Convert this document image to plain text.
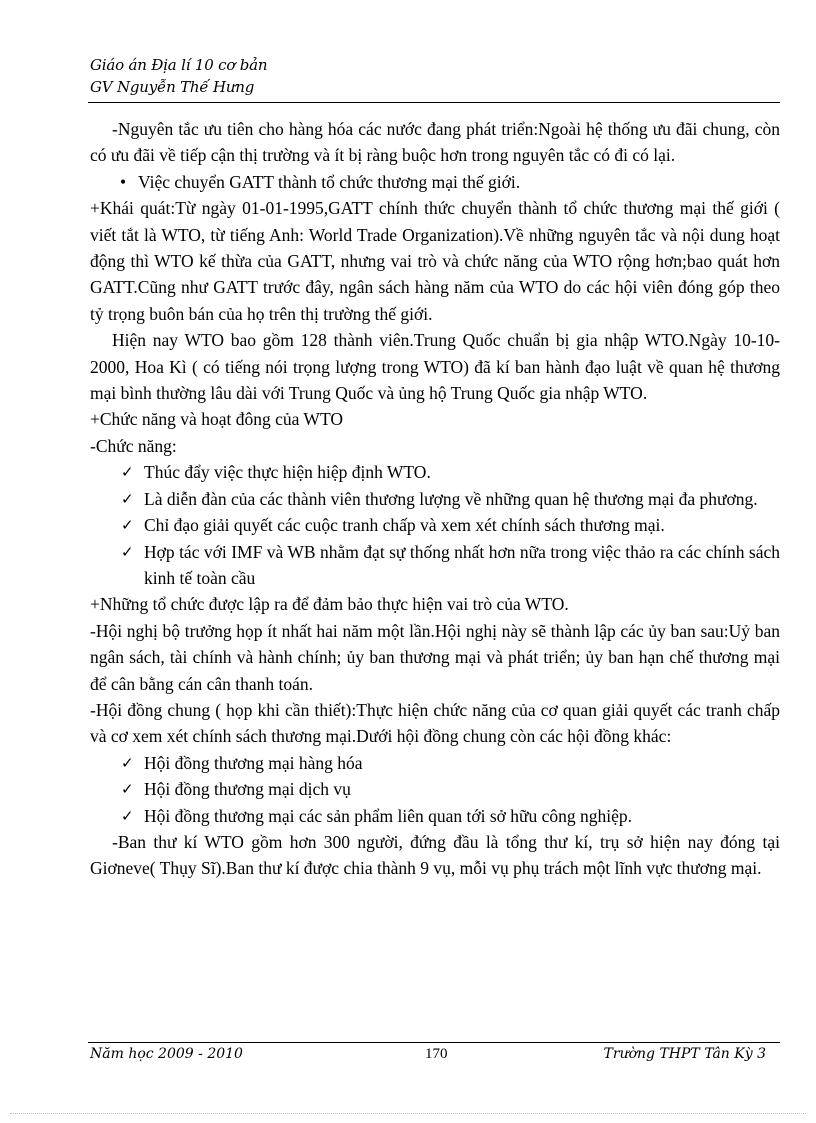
Giáo án Địa lí 10 cơ bản
GV Nguyễn Thế Hưng

-Nguyên tắc ưu tiên cho hàng hóa các nước đang phát triển:Ngoài hệ thống ưu đãi chung, còn có ưu đãi về tiếp cận thị trường và ít bị ràng buộc hơn trong nguyên tắc có đi có lại.

• Việc chuyển GATT thành tổ chức thương mại thế giới.

+Khái quát:Từ ngày 01-01-1995,GATT chính thức chuyển thành tổ chức thương mại thế giới ( viết tắt là WTO, từ tiếng Anh: World Trade Organization).Về những nguyên tắc và nội dung hoạt động thì WTO kế thừa của GATT, nhưng vai trò và chức năng của WTO rộng hơn;bao quát hơn GATT.Cũng như GATT trước đây, ngân sách hàng năm của WTO do các hội viên đóng góp theo tỷ trọng buôn bán của họ trên thị trường thế giới.

Hiện nay WTO bao gồm 128 thành viên.Trung Quốc chuẩn bị gia nhập WTO.Ngày 10-10-2000, Hoa Kì ( có tiếng nói trọng lượng trong WTO) đã kí ban hành đạo luật về quan hệ thương mại bình thường lâu dài với Trung Quốc và ủng hộ Trung Quốc gia nhập WTO.

+Chức năng và hoạt đông của WTO

-Chức năng:

✓ Thúc đẩy việc thực hiện hiệp định WTO.

✓ Là diễn đàn của các thành viên thương lượng về những quan hệ thương mại đa phương.

✓ Chỉ đạo giải quyết các cuộc tranh chấp và xem xét chính sách thương mại.

✓ Hợp tác với IMF và WB nhằm đạt sự thống nhất hơn nữa trong việc thảo ra các chính sách kinh tế toàn cầu

+Những tổ chức được lập ra để đảm bảo thực hiện vai trò của WTO.

-Hội nghị bộ trưởng họp ít nhất hai năm một lần.Hội nghị này sẽ thành lập các ủy ban sau:Uỷ ban ngân sách, tài chính và hành chính; ủy ban thương mại và phát triển; ủy ban hạn chế thương mại để cân bằng cán cân thanh toán.

-Hội đồng chung ( họp khi cần thiết):Thực hiện chức năng của cơ quan giải quyết các tranh chấp và cơ xem xét chính sách thương mại.Dưới hội đồng chung còn các hội đồng khác:

✓ Hội đồng thương mại hàng hóa

✓ Hội đồng thương mại dịch vụ

✓ Hội đồng thương mại các sản phẩm liên quan tới sở hữu công nghiệp.

-Ban thư kí WTO gồm hơn 300 người, đứng đầu là tổng thư kí, trụ sở hiện nay đóng tại Giơneve( Thụy Sĩ).Ban thư kí được chia thành 9 vụ, mỗi vụ phụ trách một lĩnh vực thương mại.

Năm học 2009 - 2010	170	Trường THPT Tân Kỳ 3
